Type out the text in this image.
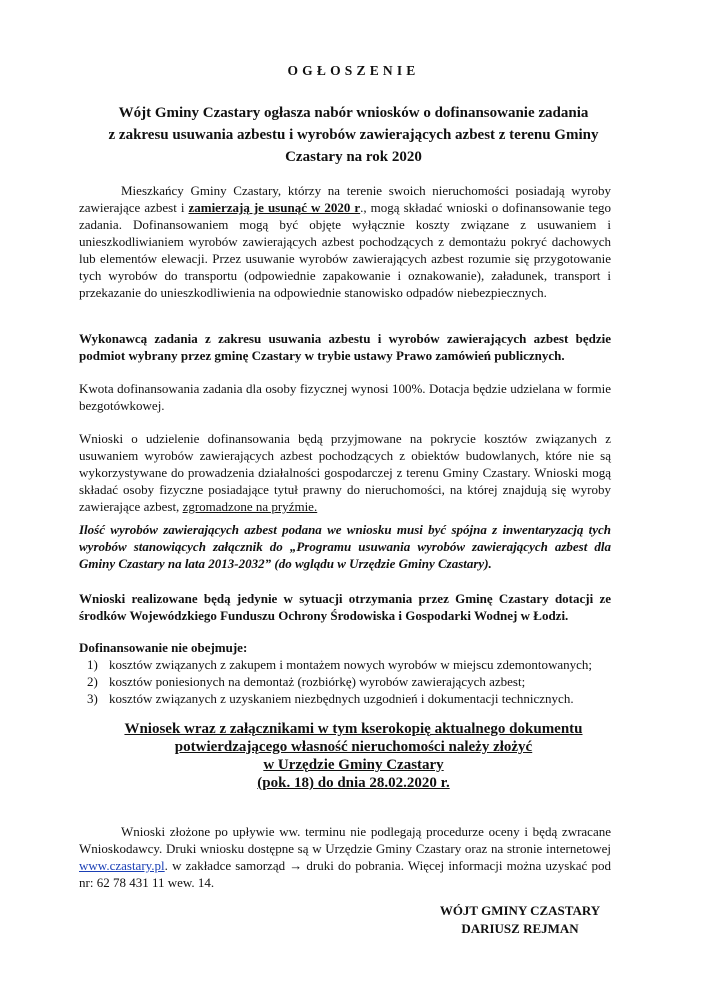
OGŁOSZENIE
Wójt Gminy Czastary ogłasza nabór wniosków o dofinansowanie zadania
z zakresu usuwania azbestu i wyrobów zawierających azbest z terenu Gminy
Czastary na rok 2020
Mieszkańcy Gminy Czastary, którzy na terenie swoich nieruchomości posiadają wyroby zawierające azbest i zamierzają je usunąć w 2020 r., mogą składać wnioski o dofinansowanie tego zadania. Dofinansowaniem mogą być objęte wyłącznie koszty związane z usuwaniem i unieszkodliwianiem wyrobów zawierających azbest pochodzących z demontażu pokryć dachowych lub elementów elewacji. Przez usuwanie wyrobów zawierających azbest rozumie się przygotowanie tych wyrobów do transportu (odpowiednie zapakowanie i oznakowanie), załadunek, transport i przekazanie do unieszkodliwienia na odpowiednie stanowisko odpadów niebezpiecznych.
Wykonawcą zadania z zakresu usuwania azbestu i wyrobów zawierających azbest będzie podmiot wybrany przez gminę Czastary w trybie ustawy Prawo zamówień publicznych.
Kwota dofinansowania zadania dla osoby fizycznej wynosi 100%. Dotacja będzie udzielana w formie bezgotówkowej.
Wnioski o udzielenie dofinansowania będą przyjmowane na pokrycie kosztów związanych z usuwaniem wyrobów zawierających azbest pochodzących z obiektów budowlanych, które nie są wykorzystywane do prowadzenia działalności gospodarczej z terenu Gminy Czastary. Wnioski mogą składać osoby fizyczne posiadające tytuł prawny do nieruchomości, na której znajdują się wyroby zawierające azbest, zgromadzone na pryźmie.
Ilość wyrobów zawierających azbest podana we wniosku musi być spójna z inwentaryzacją tych wyrobów stanowiących załącznik do „Programu usuwania wyrobów zawierających azbest dla Gminy Czastary na lata 2013-2032” (do wglądu w Urzędzie Gminy Czastary).
Wnioski realizowane będą jedynie w sytuacji otrzymania przez Gminę Czastary dotacji ze środków Wojewódzkiego Funduszu Ochrony Środowiska i Gospodarki Wodnej w Łodzi.
Dofinansowanie nie obejmuje:
1) kosztów związanych z zakupem i montażem nowych wyrobów w miejscu zdemontowanych;
2) kosztów poniesionych na demontaż (rozbiórkę) wyrobów zawierających azbest;
3) kosztów związanych z uzyskaniem niezbędnych uzgodnień i dokumentacji technicznych.
Wniosek wraz z załącznikami w tym kserokopię aktualnego dokumentu
potwierdzającego własność nieruchomości należy złożyć
w Urzędzie Gminy Czastary
(pok. 18) do dnia 28.02.2020 r.
Wnioski złożone po upływie ww. terminu nie podlegają procedurze oceny i będą zwracane Wnioskodawcy. Druki wniosku dostępne są w Urzędzie Gminy Czastary oraz na stronie internetowej www.czastary.pl. w zakładce samorząd → druki do pobrania. Więcej informacji można uzyskać pod nr: 62 78 431 11 wew. 14.
WÓJT GMINY CZASTARY
DARIUSZ REJMAN
